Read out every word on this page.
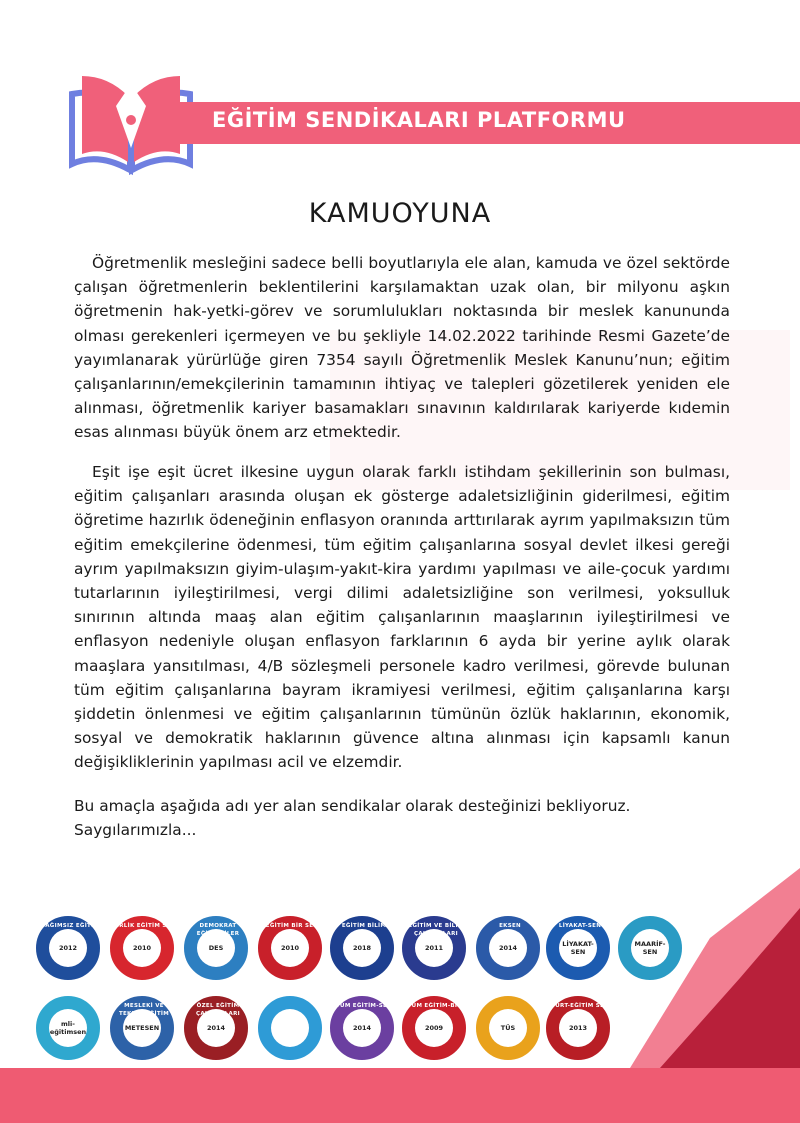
EĞİTİM SENDİKALARI PLATFORMU
KAMUOYUNA

Öğretmenlik mesleğini sadece belli boyutlarıyla ele alan, kamuda ve özel sektörde çalışan öğretmenlerin beklentilerini karşılamaktan uzak olan, bir milyonu aşkın öğretmenin hak-yetki-görev ve sorumlulukları noktasında bir meslek kanununda olması gerekenleri içermeyen ve bu şekliyle 14.02.2022 tarihinde Resmi Gazete’de yayımlanarak yürürlüğe giren 7354 sayılı Öğretmenlik Meslek Kanunu’nun; eğitim çalışanlarının/emekçilerinin tamamının ihtiyaç ve talepleri gözetilerek yeniden ele alınması, öğretmenlik kariyer basamakları sınavının kaldırılarak kariyerde kıdemin esas alınması büyük önem arz etmektedir.

Eşit işe eşit ücret ilkesine uygun olarak farklı istihdam şekillerinin son bulması, eğitim çalışanları arasında oluşan ek gösterge adaletsizliğinin giderilmesi, eğitim öğretime hazırlık ödeneğinin enflasyon oranında arttırılarak ayrım yapılmaksızın tüm eğitim emekçilerine ödenmesi, tüm eğitim çalışanlarına sosyal devlet ilkesi gereği ayrım yapılmaksızın giyim-ulaşım-yakıt-kira yardımı yapılması ve aile-çocuk yardımı tutarlarının iyileştirilmesi, vergi dilimi adaletsizliğine son verilmesi, yoksulluk sınırının altında maaş alan eğitim çalışanlarının maaşlarının iyileştirilmesi ve enflasyon nedeniyle oluşan enflasyon farklarının 6 ayda bir yerine aylık olarak maaşlara yansıtılması, 4/B sözleşmeli personele kadro verilmesi, görevde bulunan tüm eğitim çalışanlarına bayram ikramiyesi verilmesi, eğitim çalışanlarına karşı şiddetin önlenmesi ve eğitim çalışanlarının tümünün özlük haklarının, ekonomik, sosyal ve demokratik haklarının güvence altına alınması için kapsamlı kanun değişikliklerinin yapılması acil ve elzemdir.

Bu amaçla aşağıda adı yer alan sendikalar olarak desteğinizi bekliyoruz.

Saygılarımızla...

BAĞIMSIZ EĞİTİM SEN
2012
BİRLİK EĞİTİM SEN
2010
DEMOKRAT EĞİTİMCİLER
DES
EĞİTİM BİR SEN
2010
EĞİTİM BİLİM
2018
EĞİTİM VE BİLİM ÇALIŞANLARI
2011
EKSEN
2014
LİYAKAT-SEN
LİYAKAT-SEN
MAARİF-SEN
mli-eğitimsen
MESLEKİ VE TEKNİK EĞİTİM
METESEN
ÖZEL EĞİTİM ÇALIŞANLARI
2014
TÜM EĞİTİM-SEN
2014
TÜM EĞİTİM-BİR-SEN
2009	TÜS
YURT-EĞİTİM SEN
2013
